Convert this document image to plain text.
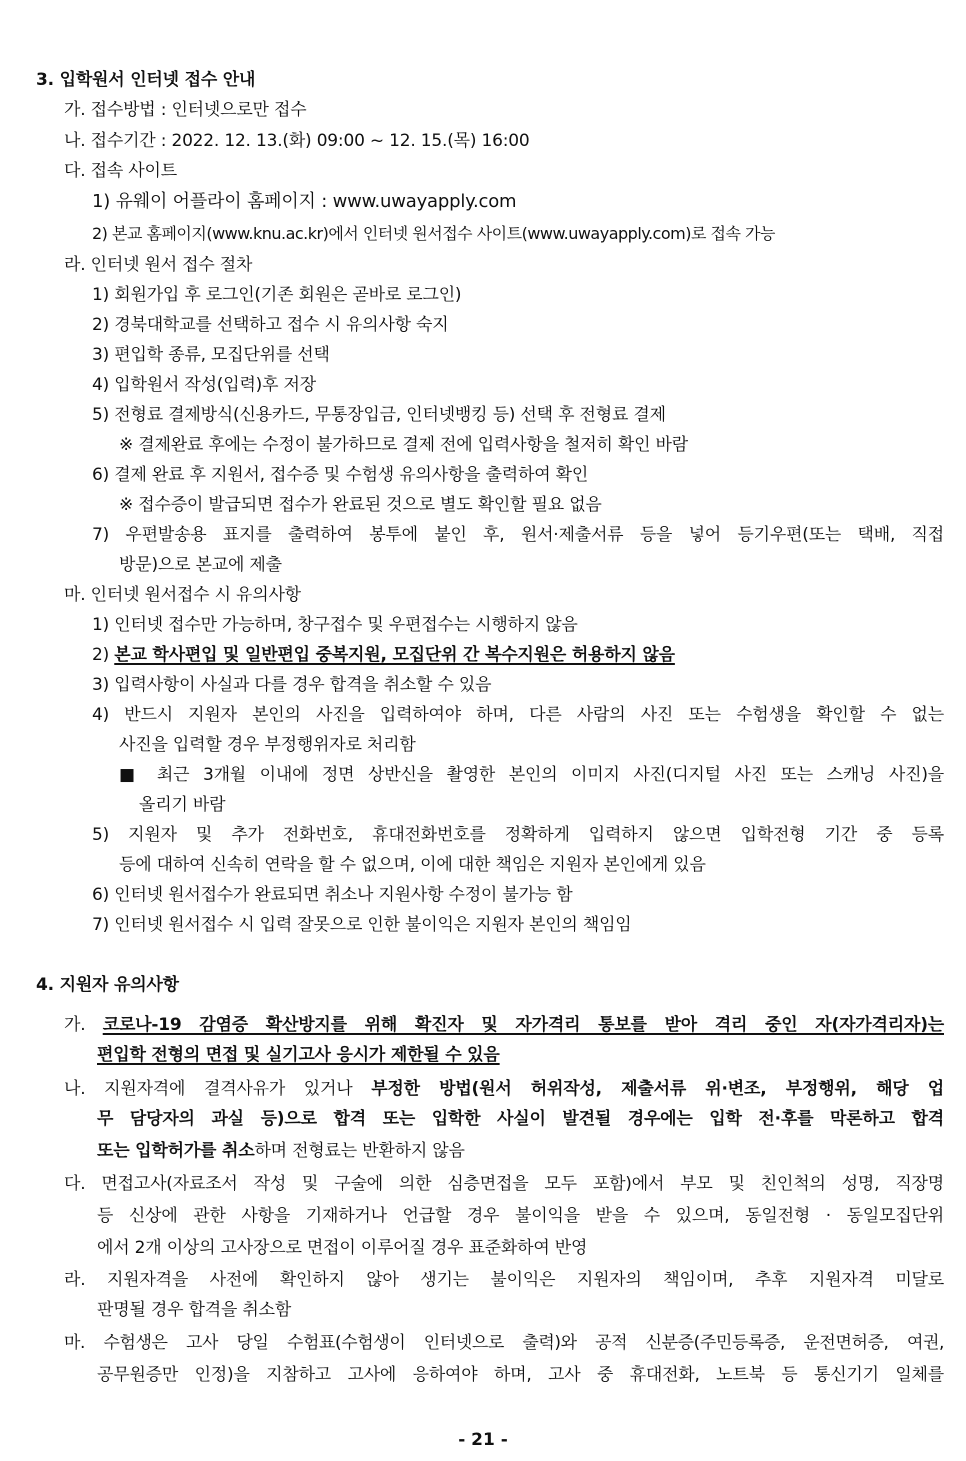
3. 입학원서 인터넷 접수 안내
가. 접수방법 : 인터넷으로만 접수
나. 접수기간 : 2022. 12. 13.(화) 09:00 ~ 12. 15.(목) 16:00
다. 접속 사이트
1) 유웨이 어플라이 홈페이지 : www.uwayapply.com
2) 본교 홈페이지(www.knu.ac.kr)에서 인터넷 원서접수 사이트(www.uwayapply.com)로 접속 가능
라. 인터넷 원서 접수 절차
1) 회원가입 후 로그인(기존 회원은 곧바로 로그인)
2) 경북대학교를 선택하고 접수 시 유의사항 숙지
3) 편입학 종류, 모집단위를 선택
4) 입학원서 작성(입력)후 저장
5) 전형료 결제방식(신용카드, 무통장입금, 인터넷뱅킹 등) 선택 후 전형료 결제
※ 결제완료 후에는 수정이 불가하므로 결제 전에 입력사항을 철저히 확인 바람
6) 결제 완료 후 지원서, 접수증 및 수험생 유의사항을 출력하여 확인
※ 접수증이 발급되면 접수가 완료된 것으로 별도 확인할 필요 없음
7) 우편발송용 표지를 출력하여 봉투에 붙인 후, 원서·제출서류 등을 넣어 등기우편(또는 택배, 직접
방문)으로 본교에 제출
마. 인터넷 원서접수 시 유의사항
1) 인터넷 접수만 가능하며, 창구접수 및 우편접수는 시행하지 않음
2) 본교 학사편입 및 일반편입 중복지원, 모집단위 간 복수지원은 허용하지 않음
3) 입력사항이 사실과 다를 경우 합격을 취소할 수 있음
4) 반드시 지원자 본인의 사진을 입력하여야 하며, 다른 사람의 사진 또는 수험생을 확인할 수 없는
사진을 입력할 경우 부정행위자로 처리함
■ 최근 3개월 이내에 정면 상반신을 촬영한 본인의 이미지 사진(디지털 사진 또는 스캐닝 사진)을
올리기 바람
5) 지원자 및 추가 전화번호, 휴대전화번호를 정확하게 입력하지 않으면 입학전형 기간 중 등록
등에 대하여 신속히 연락을 할 수 없으며, 이에 대한 책임은 지원자 본인에게 있음
6) 인터넷 원서접수가 완료되면 취소나 지원사항 수정이 불가능 함
7) 인터넷 원서접수 시 입력 잘못으로 인한 불이익은 지원자 본인의 책임임
4. 지원자 유의사항
가. 코로나-19 감염증 확산방지를 위해 확진자 및 자가격리 통보를 받아 격리 중인 자(자가격리자)는
편입학 전형의 면접 및 실기고사 응시가 제한될 수 있음
나. 지원자격에 결격사유가 있거나 부정한 방법(원서 허위작성, 제출서류 위·변조, 부정행위, 해당 업
무 담당자의 과실 등)으로 합격 또는 입학한 사실이 발견될 경우에는 입학 전·후를 막론하고 합격
또는 입학허가를 취소하며 전형료는 반환하지 않음
다. 면접고사(자료조서 작성 및 구술에 의한 심층면접을 모두 포함)에서 부모 및 친인척의 성명, 직장명
등 신상에 관한 사항을 기재하거나 언급할 경우 불이익을 받을 수 있으며, 동일전형 · 동일모집단위
에서 2개 이상의 고사장으로 면접이 이루어질 경우 표준화하여 반영
라. 지원자격을 사전에 확인하지 않아 생기는 불이익은 지원자의 책임이며, 추후 지원자격 미달로
판명될 경우 합격을 취소함
마. 수험생은 고사 당일 수험표(수험생이 인터넷으로 출력)와 공적 신분증(주민등록증, 운전면허증, 여권,
공무원증만 인정)을 지참하고 고사에 응하여야 하며, 고사 중 휴대전화, 노트북 등 통신기기 일체를
- 21 -
